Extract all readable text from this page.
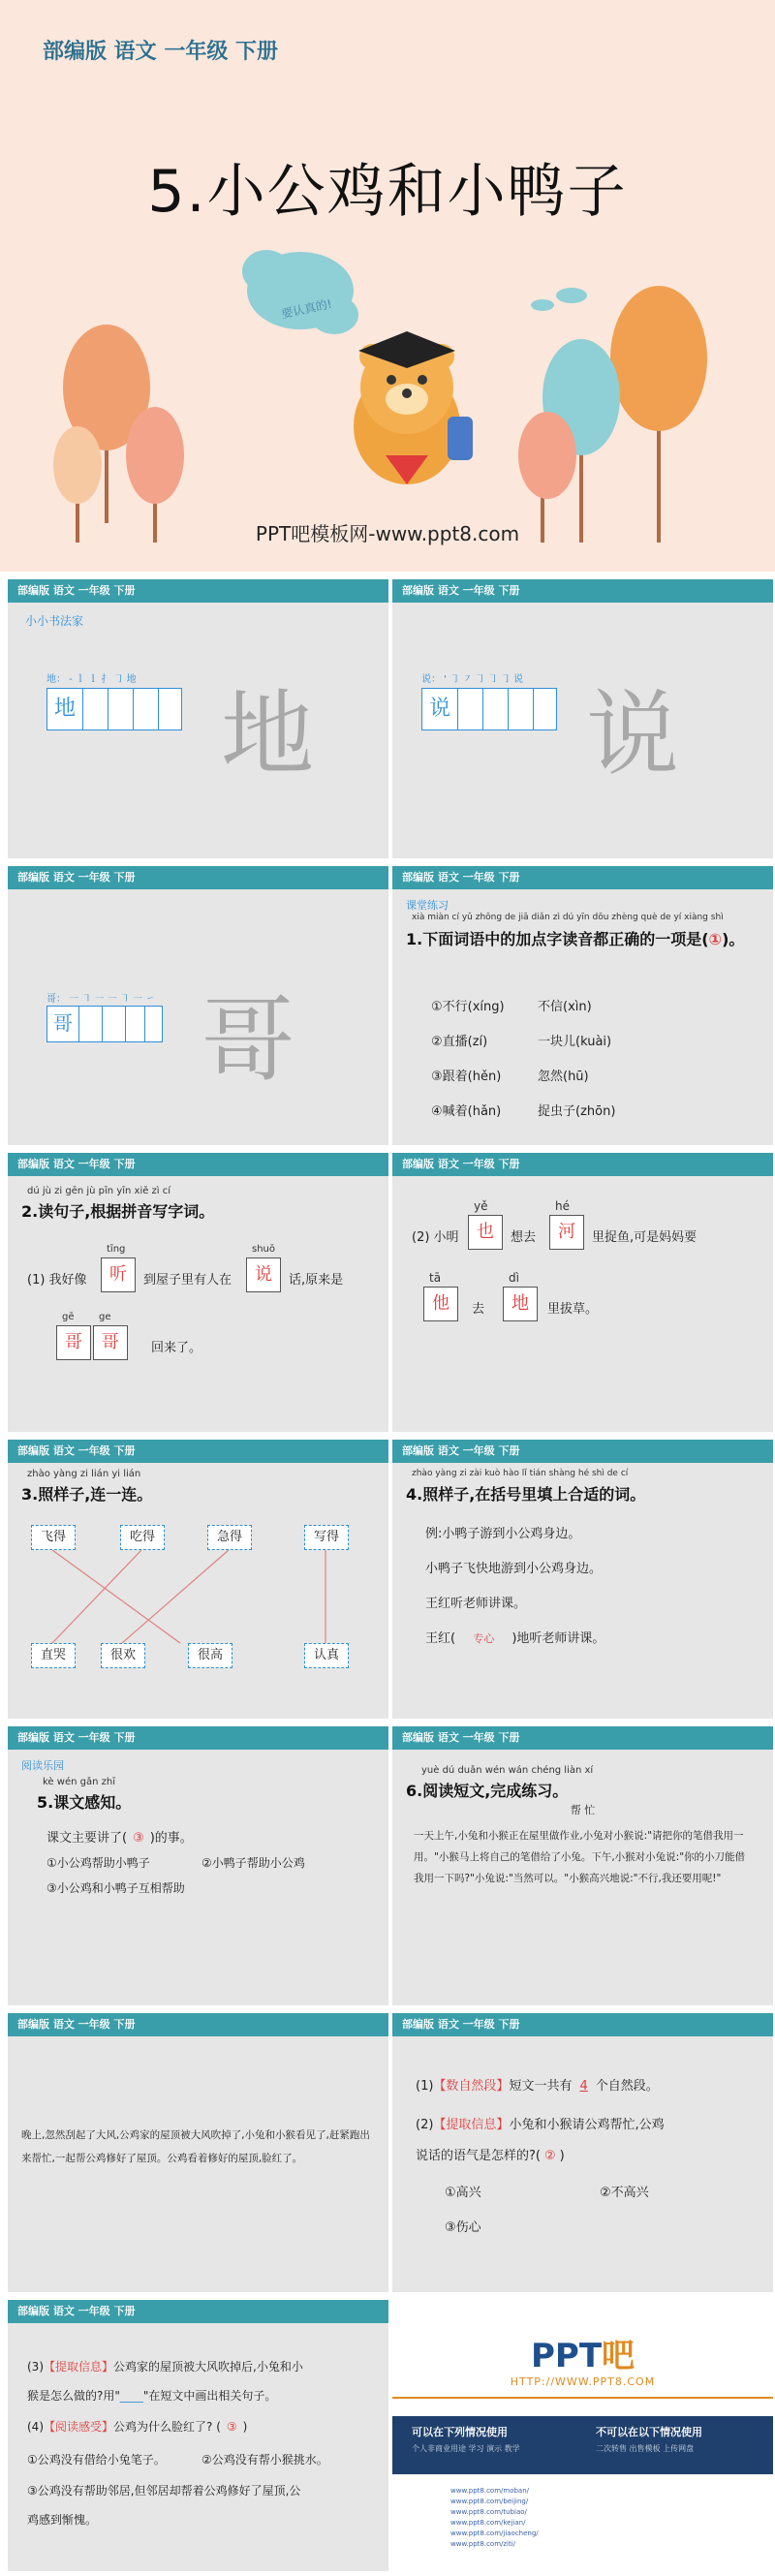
部编版 语文 一年级 下册
5.小公鸡和小鸭子
要认真的!
PPT吧模板网-www.ppt8.com
部编版 语文 一年级 下册
小小书法家
地： - ｌ ｌ 扌 ㇆ 地
地 地
部编版 语文 一年级 下册
说： ' ㇆ ㇇ ㇆ ㇆ ㇆ 说
说 说
部编版 语文 一年级 下册
哥： ㇐ ㇕ ㇐ ㇐ ㇕ ㇐ ㇀
哥 哥
部编版 语文 一年级 下册
课堂练习
xià miàn cí yǔ zhōng de jiā diǎn zì dú yīn dōu zhèng què de yí xiàng shì
1.下面词语中的加点字读音都正确的一项是(①)。
①不行(xíng)	不信(xìn)
②直播(zí)	一块儿(kuài)
③跟着(hěn)	忽然(hū)
④喊着(hǎn)	捉虫子(zhōn)
部编版 语文 一年级 下册
dú jù zi gēn jù pīn yīn xiě zì cí
2.读句子,根据拼音写字词。
tīng	shuō
(1) 我好像	听	到屋子里有人在	说	话,原来是
gē	ge
哥	哥	回来了。
部编版 语文 一年级 下册
yě	hé
(2) 小明	也	想去	河	里捉鱼,可是妈妈要
tā	dì
他	去	地	里拔草。
部编版 语文 一年级 下册
zhào yàng zi lián yi lián
3.照样子,连一连。
飞得	吃得	急得	写得
直哭	很欢	很高	认真
部编版 语文 一年级 下册
zhào yàng zi zài kuò hào lǐ tián shàng hé shì de cí
4.照样子,在括号里填上合适的词。
例:小鸭子游到小公鸡身边。
小鸭子飞快地游到小公鸡身边。
王红听老师讲课。
王红( 专心 )地听老师讲课。
部编版 语文 一年级 下册
阅读乐园
kè wén gǎn zhī
5.课文感知。
课文主要讲了( ③ )的事。
①小公鸡帮助小鸭子	②小鸭子帮助小公鸡
③小公鸡和小鸭子互相帮助
部编版 语文 一年级 下册
yuè dú duǎn wén wán chéng liàn xí
6.阅读短文,完成练习。
帮 忙
一天上午,小兔和小猴正在屋里做作业,小兔对小猴说:"请把你的笔借我用一用。"小猴马上将自己的笔借给了小兔。下午,小猴对小兔说:"你的小刀能借我用一下吗?"小兔说:"当然可以。"小猴高兴地说:"不行,我还要用呢!"
部编版 语文 一年级 下册
晚上,忽然刮起了大风,公鸡家的屋顶被大风吹掉了,小兔和小猴看见了,赶紧跑出来帮忙,一起帮公鸡修好了屋顶。公鸡看着修好的屋顶,脸红了。
部编版 语文 一年级 下册
(1)【数自然段】短文一共有 4 个自然段。
(2)【提取信息】小兔和小猴请公鸡帮忙,公鸡
说话的语气是怎样的?( ② )
①高兴	②不高兴
③伤心
部编版 语文 一年级 下册
(3)【提取信息】公鸡家的屋顶被大风吹掉后,小兔和小
猴是怎么做的?用"____"在短文中画出相关句子。
(4)【阅读感受】公鸡为什么脸红了? ( ③ )
①公鸡没有借给小兔笔子。	②公鸡没有帮小猴挑水。
③公鸡没有帮助邻居,但邻居却帮着公鸡修好了屋顶,公
鸡感到惭愧。
PPT吧
HTTP://WWW.PPT8.COM
可以在下列情况使用
个人非商业用途 学习 演示 教学
不可以在以下情况使用
二次转售 出售模板 上传网盘
www.ppt8.com/moban/
www.ppt8.com/beijing/
www.ppt8.com/tubiao/
www.ppt8.com/kejian/
www.ppt8.com/jiaocheng/
www.ppt8.com/ziti/
